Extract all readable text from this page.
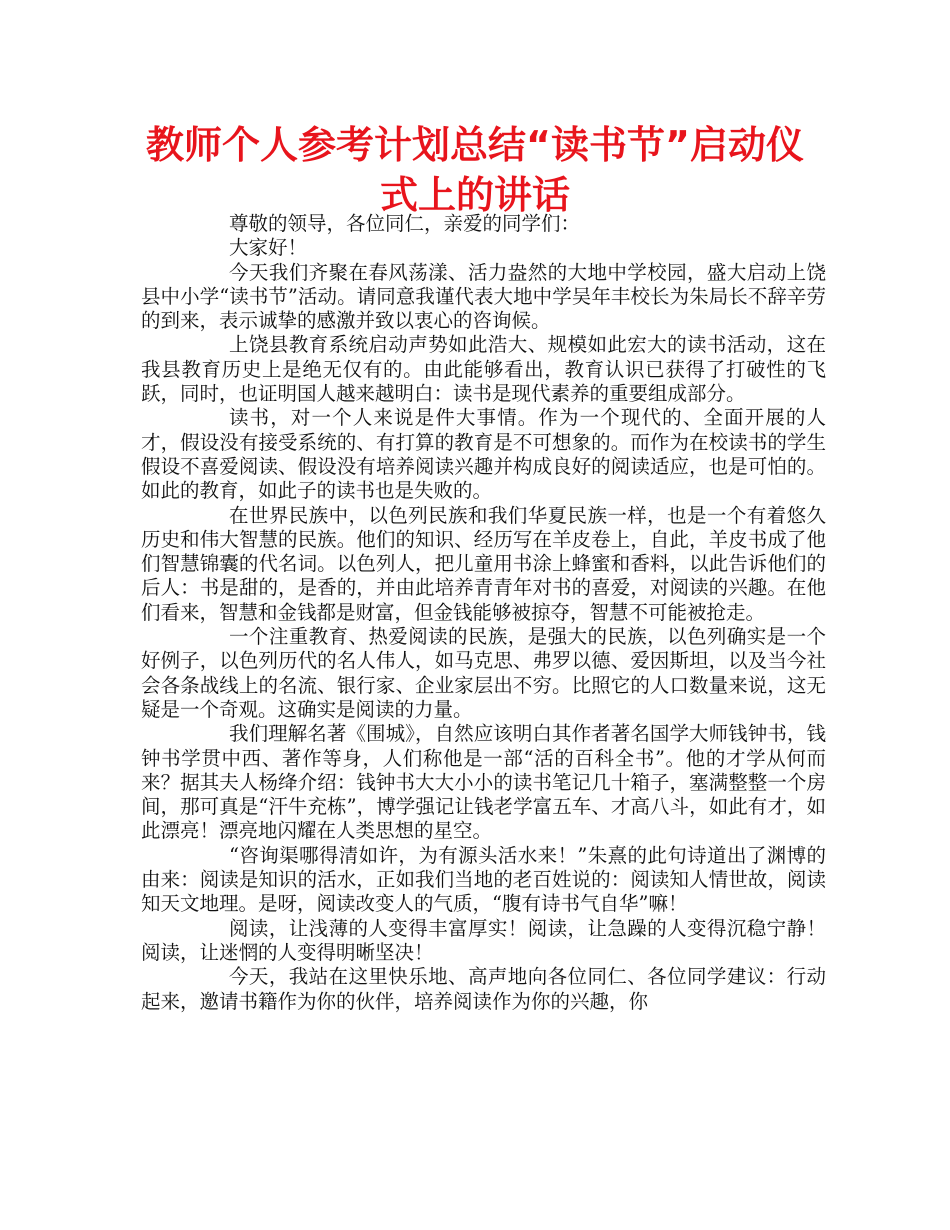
教师个人参考计划总结“读书节”启动仪式上的讲话

尊敬的领导，各位同仁，亲爱的同学们：

大家好！

今天我们齐聚在春风荡漾、活力盎然的大地中学校园，盛大启动上饶县中小学“读书节”活动。请同意我谨代表大地中学吴年丰校长为朱局长不辞辛劳的到来，表示诚挚的感激并致以衷心的咨询候。

上饶县教育系统启动声势如此浩大、规模如此宏大的读书活动，这在我县教育历史上是绝无仅有的。由此能够看出，教育认识已获得了打破性的飞跃，同时，也证明国人越来越明白：读书是现代素养的重要组成部分。

读书，对一个人来说是件大事情。作为一个现代的、全面开展的人才，假设没有接受系统的、有打算的教育是不可想象的。而作为在校读书的学生假设不喜爱阅读、假设没有培养阅读兴趣并构成良好的阅读适应，也是可怕的。如此的教育，如此子的读书也是失败的。

在世界民族中，以色列民族和我们华夏民族一样，也是一个有着悠久历史和伟大智慧的民族。他们的知识、经历写在羊皮卷上，自此，羊皮书成了他们智慧锦囊的代名词。以色列人，把儿童用书涂上蜂蜜和香料，以此告诉他们的后人：书是甜的，是香的，并由此培养青青年对书的喜爱，对阅读的兴趣。在他们看来，智慧和金钱都是财富，但金钱能够被掠夺，智慧不可能被抢走。

一个注重教育、热爱阅读的民族，是强大的民族，以色列确实是一个好例子，以色列历代的名人伟人，如马克思、弗罗以德、爱因斯坦，以及当今社会各条战线上的名流、银行家、企业家层出不穷。比照它的人口数量来说，这无疑是一个奇观。这确实是阅读的力量。

我们理解名著《围城》，自然应该明白其作者著名国学大师钱钟书，钱钟书学贯中西、著作等身，人们称他是一部“活的百科全书”。他的才学从何而来？据其夫人杨绛介绍：钱钟书大大小小的读书笔记几十箱子，塞满整整一个房间，那可真是“汗牛充栋”，博学强记让钱老学富五车、才高八斗，如此有才，如此漂亮！漂亮地闪耀在人类思想的星空。

“咨询渠哪得清如许，为有源头活水来！”朱熹的此句诗道出了渊博的由来：阅读是知识的活水，正如我们当地的老百姓说的：阅读知人情世故，阅读知天文地理。是呀，阅读改变人的气质，“腹有诗书气自华”嘛！

阅读，让浅薄的人变得丰富厚实！阅读，让急躁的人变得沉稳宁静！阅读，让迷惘的人变得明晰坚决！

今天，我站在这里快乐地、高声地向各位同仁、各位同学建议：行动起来，邀请书籍作为你的伙伴，培养阅读作为你的兴趣，你
